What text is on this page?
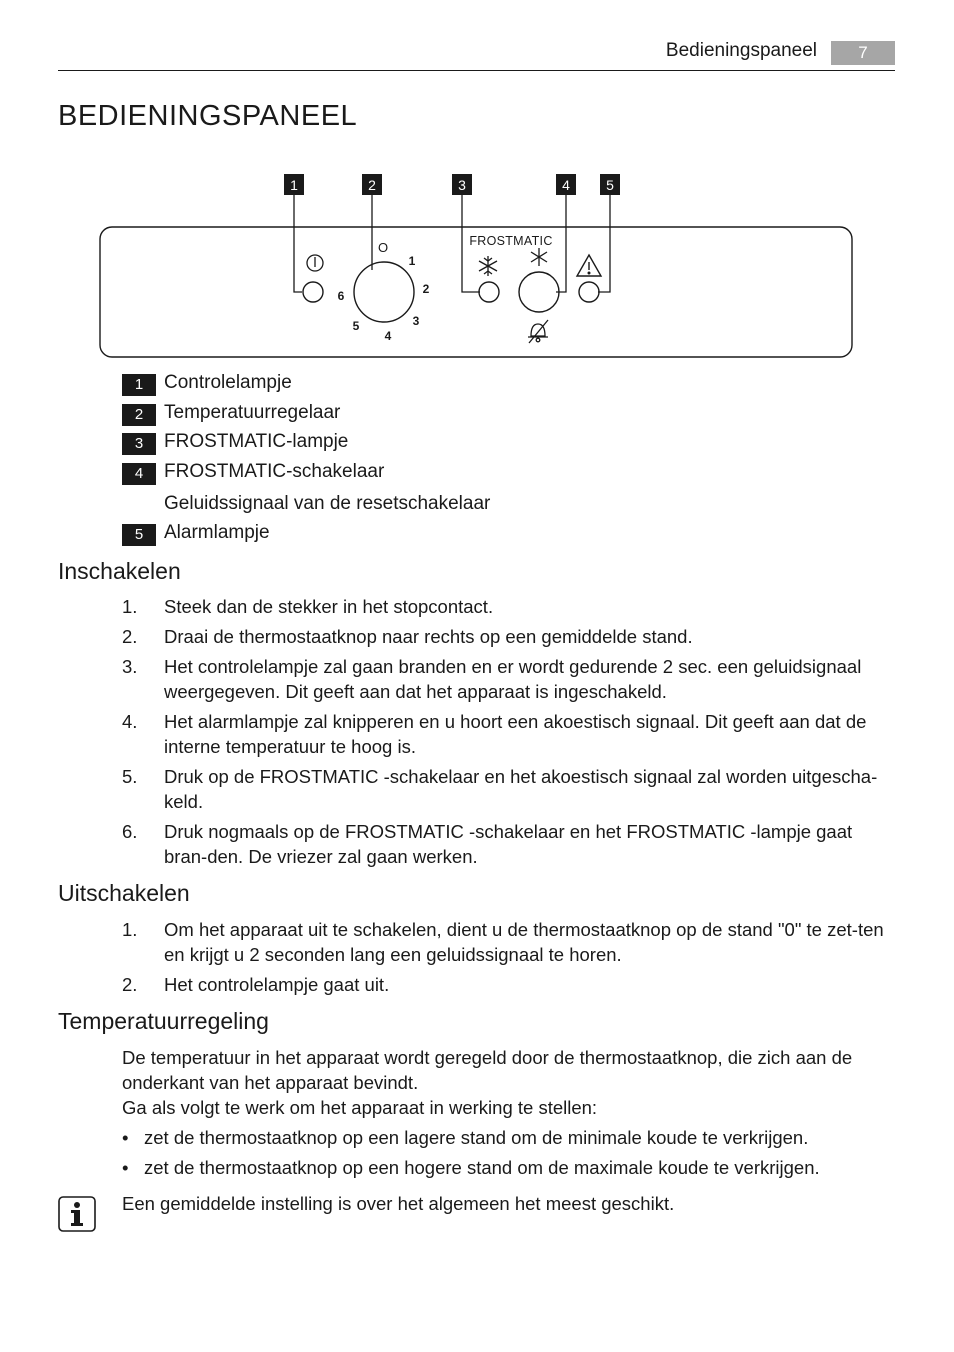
Bedieningspaneel	7
BEDIENINGSPANEEL
1	2	3	4	5
O
1
2
3
4
5
6
FROSTMATIC
1	Controlelampje
2	Temperatuurregelaar
3	FROSTMATIC-lampje
4	FROSTMATIC-schakelaar
Geluidssignaal van de resetschakelaar
5	Alarmlampje
Inschakelen
1. Steek dan de stekker in het stopcontact.
2. Draai de thermostaatknop naar rechts op een gemiddelde stand.
3. Het controlelampje zal gaan branden en er wordt gedurende 2 sec. een geluidsignaal weergegeven. Dit geeft aan dat het apparaat is ingeschakeld.
4. Het alarmlampje zal knipperen en u hoort een akoestisch signaal. Dit geeft aan dat de interne temperatuur te hoog is.
5. Druk op de FROSTMATIC -schakelaar en het akoestisch signaal zal worden uitgescha-keld.
6. Druk nogmaals op de FROSTMATIC -schakelaar en het FROSTMATIC -lampje gaat bran-den. De vriezer zal gaan werken.
Uitschakelen
1. Om het apparaat uit te schakelen, dient u de thermostaatknop op de stand "0" te zet-ten en krijgt u 2 seconden lang een geluidssignaal te horen.
2. Het controlelampje gaat uit.
Temperatuurregeling
De temperatuur in het apparaat wordt geregeld door de thermostaatknop, die zich aan de onderkant van het apparaat bevindt.
Ga als volgt te werk om het apparaat in werking te stellen:
• zet de thermostaatknop op een lagere stand om de minimale koude te verkrijgen.
• zet de thermostaatknop op een hogere stand om de maximale koude te verkrijgen.
Een gemiddelde instelling is over het algemeen het meest geschikt.
